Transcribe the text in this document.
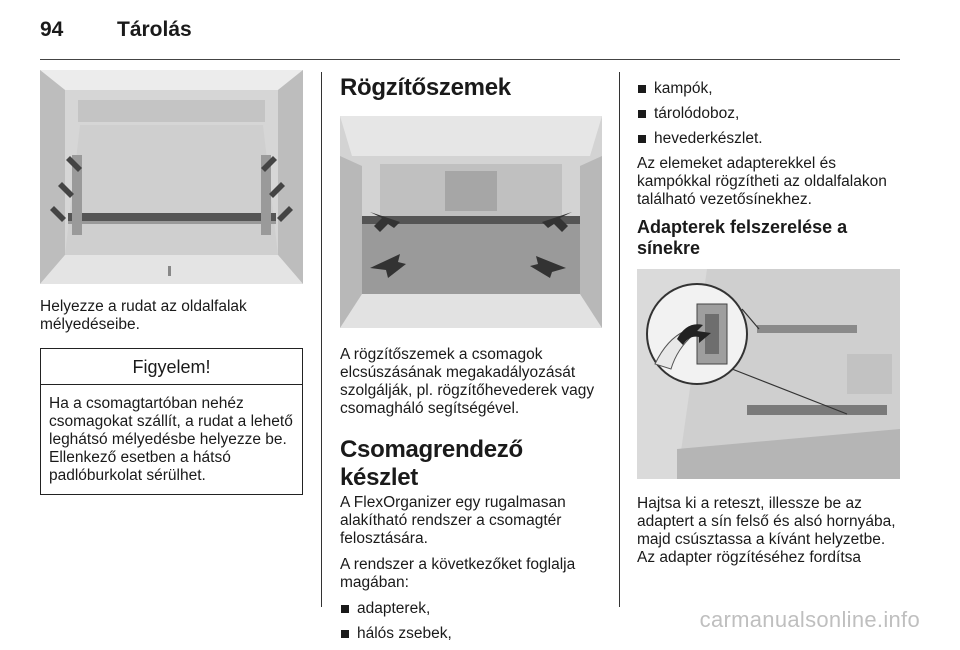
94	Tárolás

Helyezze a rudat az oldalfalak mélyedéseibe.

Figyelem!
Ha a csomagtartóban nehéz csomagokat szállít, a rudat a lehető leghátsó mélyedésbe helyezze be. Ellenkező esetben a hátsó padlóburkolat sérülhet.
Rögzítőszemek

A rögzítőszemek a csomagok elcsúszásának megakadályozását szolgálják, pl. rögzítőhevederek vagy csomagháló segítségével.

Csomagrendező készlet

A FlexOrganizer egy rugalmasan alakítható rendszer a csomagtér felosztására.

A rendszer a következőket foglalja magában:

adapterek,
hálós zsebek,
kampók,
tárolódoboz,
hevederkészlet.

Az elemeket adapterekkel és kampókkal rögzítheti az oldalfalakon található vezetősínekhez.

Adapterek felszerelése a sínekre

Hajtsa ki a reteszt, illessze be az adaptert a sín felső és alsó hornyába, majd csúsztassa a kívánt helyzetbe. Az adapter rögzítéséhez fordítsa

carmanualsonline.info
